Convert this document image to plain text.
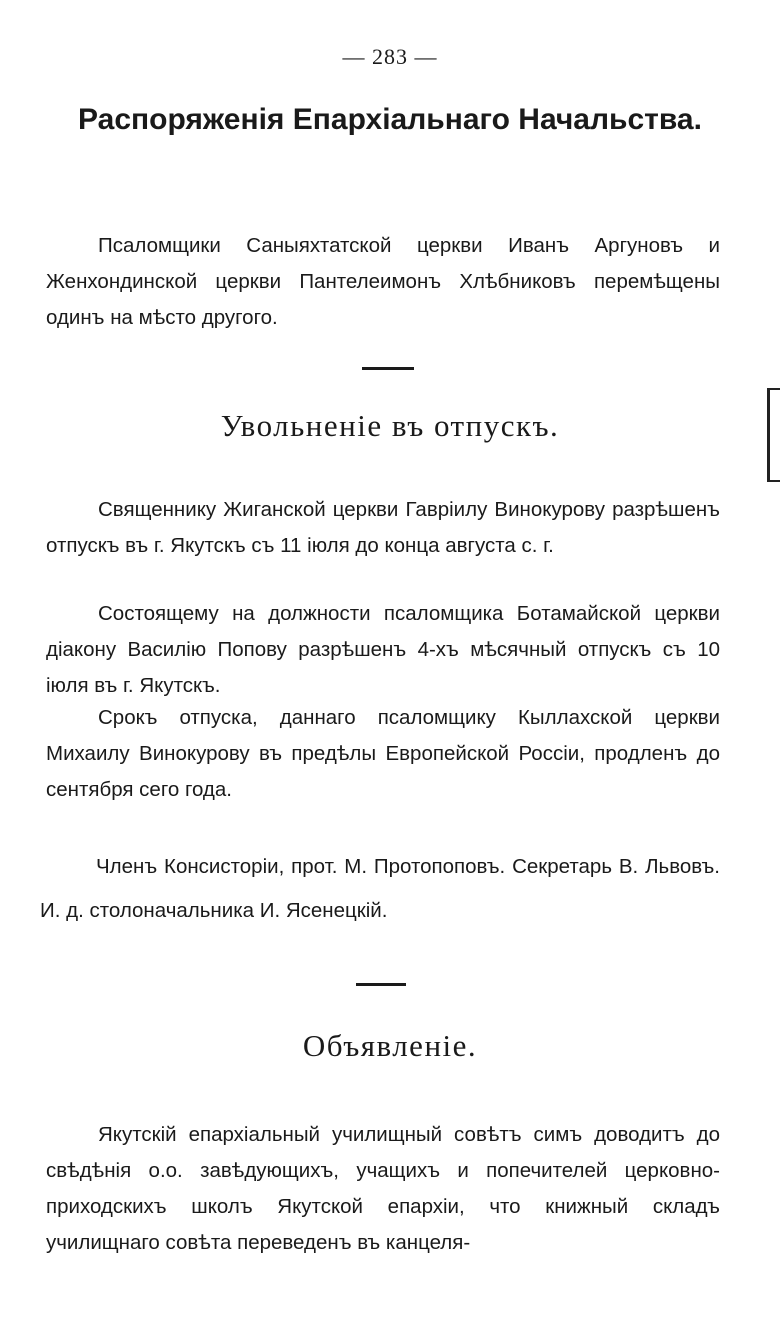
— 283 —
Распоряженія Епархіальнаго Начальства.

Псаломщики Саныяхтатской церкви Иванъ Аргуновъ и Женхондинской церкви Пантелеимонъ Хлѣбниковъ перемѣщены одинъ на мѣсто другого.

Увольненіе въ отпускъ.

Священнику Жиганской церкви Гавріилу Винокурову разрѣшенъ отпускъ въ г. Якутскъ съ 11 іюля до конца августа с. г.

Состоящему на должности псаломщика Ботамайской церкви діакону Василію Попову разрѣшенъ 4-хъ мѣсячный отпускъ съ 10 іюля въ г. Якутскъ.

Срокъ отпуска, даннаго псаломщику Кыллахской церкви Михаилу Винокурову въ предѣлы Европейской Россіи, продленъ до сентября сего года.

Членъ Консисторіи, прот. М. Протопоповъ. Секретарь В. Львовъ. И. д. столоначальника И. Ясенецкій.

Объявленіе.

Якутскій епархіальный училищный совѣтъ симъ доводитъ до свѣдѣнія о.о. завѣдующихъ, учащихъ и попечителей церковно-приходскихъ школъ Якутской епархіи, что книжный складъ училищнаго совѣта переведенъ въ канцеля-
